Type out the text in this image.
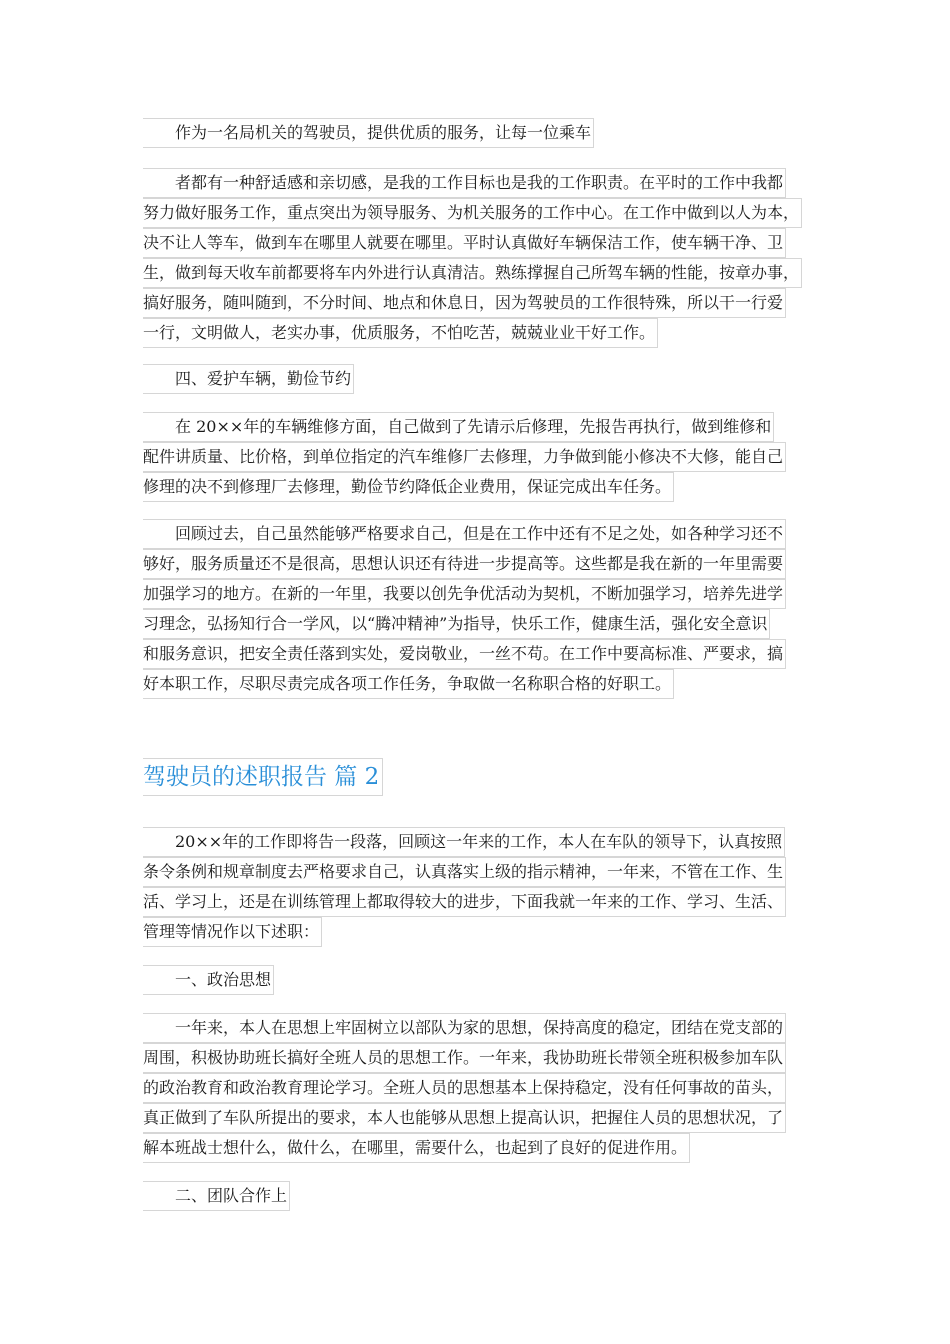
　　作为一名局机关的驾驶员，提供优质的服务，让每一位乘车
　　者都有一种舒适感和亲切感，是我的工作目标也是我的工作职责。在平时的工作中我都
努力做好服务工作，重点突出为领导服务、为机关服务的工作中心。在工作中做到以人为本，
决不让人等车，做到车在哪里人就要在哪里。平时认真做好车辆保洁工作，使车辆干净、卫
生，做到每天收车前都要将车内外进行认真清洁。熟练撑握自己所驾车辆的性能，按章办事，
搞好服务，随叫随到，不分时间、地点和休息日，因为驾驶员的工作很特殊，所以干一行爱
一行，文明做人，老实办事，优质服务，不怕吃苦，兢兢业业干好工作。
　　四、爱护车辆，勤俭节约
　　在 20××年的车辆维修方面，自己做到了先请示后修理，先报告再执行，做到维修和
配件讲质量、比价格，到单位指定的汽车维修厂去修理，力争做到能小修决不大修，能自己
修理的决不到修理厂去修理，勤俭节约降低企业费用，保证完成出车任务。
　　回顾过去，自己虽然能够严格要求自己，但是在工作中还有不足之处，如各种学习还不
够好，服务质量还不是很高，思想认识还有待进一步提高等。这些都是我在新的一年里需要
加强学习的地方。在新的一年里，我要以创先争优活动为契机，不断加强学习，培养先进学
习理念，弘扬知行合一学风，以“腾冲精神”为指导，快乐工作，健康生活，强化安全意识
和服务意识，把安全责任落到实处，爱岗敬业，一丝不苟。在工作中要高标准、严要求，搞
好本职工作，尽职尽责完成各项工作任务，争取做一名称职合格的好职工。
驾驶员的述职报告 篇 2
　　20××年的工作即将告一段落，回顾这一年来的工作，本人在车队的领导下，认真按照
条令条例和规章制度去严格要求自己，认真落实上级的指示精神，一年来，不管在工作、生
活、学习上，还是在训练管理上都取得较大的进步，下面我就一年来的工作、学习、生活、
管理等情况作以下述职：
　　一、政治思想
　　一年来，本人在思想上牢固树立以部队为家的思想，保持高度的稳定，团结在党支部的
周围，积极协助班长搞好全班人员的思想工作。一年来，我协助班长带领全班积极参加车队
的政治教育和政治教育理论学习。全班人员的思想基本上保持稳定，没有任何事故的苗头，
真正做到了车队所提出的要求，本人也能够从思想上提高认识，把握住人员的思想状况，了
解本班战士想什么，做什么，在哪里，需要什么，也起到了良好的促进作用。
　　二、团队合作上
